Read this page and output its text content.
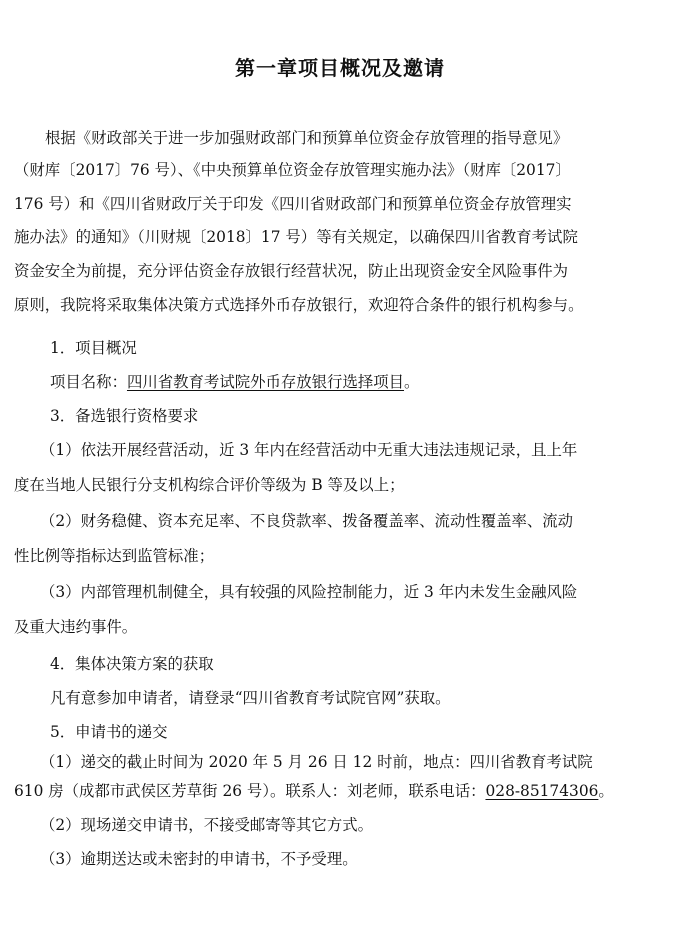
第一章项目概况及邀请
根据《财政部关于进一步加强财政部门和预算单位资金存放管理的指导意见》
（财库〔2017〕76 号）、《中央预算单位资金存放管理实施办法》（财库〔2017〕
176 号）和《四川省财政厅关于印发《四川省财政部门和预算单位资金存放管理实
施办法》的通知》（川财规〔2018〕17 号）等有关规定，以确保四川省教育考试院
资金安全为前提，充分评估资金存放银行经营状况，防止出现资金安全风险事件为
原则，我院将采取集体决策方式选择外币存放银行，欢迎符合条件的银行机构参与。
1．项目概况
项目名称：四川省教育考试院外币存放银行选择项目。
3．备选银行资格要求
（1）依法开展经营活动，近 3 年内在经营活动中无重大违法违规记录，且上年
度在当地人民银行分支机构综合评价等级为 B 等及以上；
（2）财务稳健、资本充足率、不良贷款率、拨备覆盖率、流动性覆盖率、流动
性比例等指标达到监管标准；
（3）内部管理机制健全，具有较强的风险控制能力，近 3 年内未发生金融风险
及重大违约事件。
4．集体决策方案的获取
凡有意参加申请者，请登录“四川省教育考试院官网”获取。
5．申请书的递交
（1）递交的截止时间为 2020 年 5 月 26 日 12 时前，地点：四川省教育考试院
610 房（成都市武侯区芳草街 26 号）。联系人：刘老师，联系电话：028-85174306。
（2）现场递交申请书，不接受邮寄等其它方式。
（3）逾期送达或未密封的申请书，不予受理。
